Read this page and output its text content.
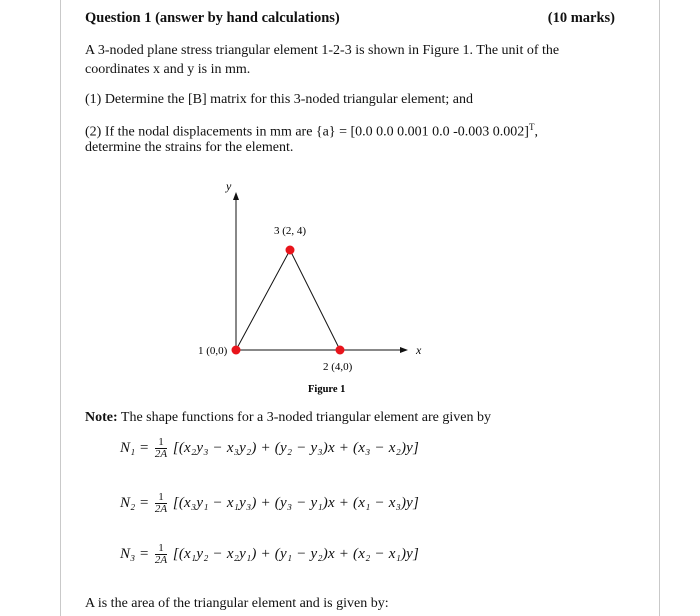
Question 1 (answer by hand calculations)	(10 marks)
A 3-noded plane stress triangular element 1-2-3 is shown in Figure 1. The unit of the
coordinates x and y is in mm.
(1) Determine the [B] matrix for this 3-noded triangular element; and
(2) If the nodal displacements in mm are {a} = [0.0 0.0 0.001 0.0 -0.003 0.002]$^T$,
determine the strains for the element.
y
x
1 (0,0)
2 (4,0)
3 (2, 4)
Figure 1
Note: The shape functions for a 3-noded triangular element are given by
$N_1 = \frac{1}{2A} [(x_2y_3 - x_3y_2) + (y_2 - y_3)x + (x_3 - x_2)y]$
$N_2 = \frac{1}{2A} [(x_3y_1 - x_1y_3) + (y_3 - y_1)x + (x_1 - x_3)y]$
$N_3 = \frac{1}{2A} [(x_1y_2 - x_2y_1) + (y_1 - y_2)x + (x_2 - x_1)y]$
A is the area of the triangular element and is given by:
